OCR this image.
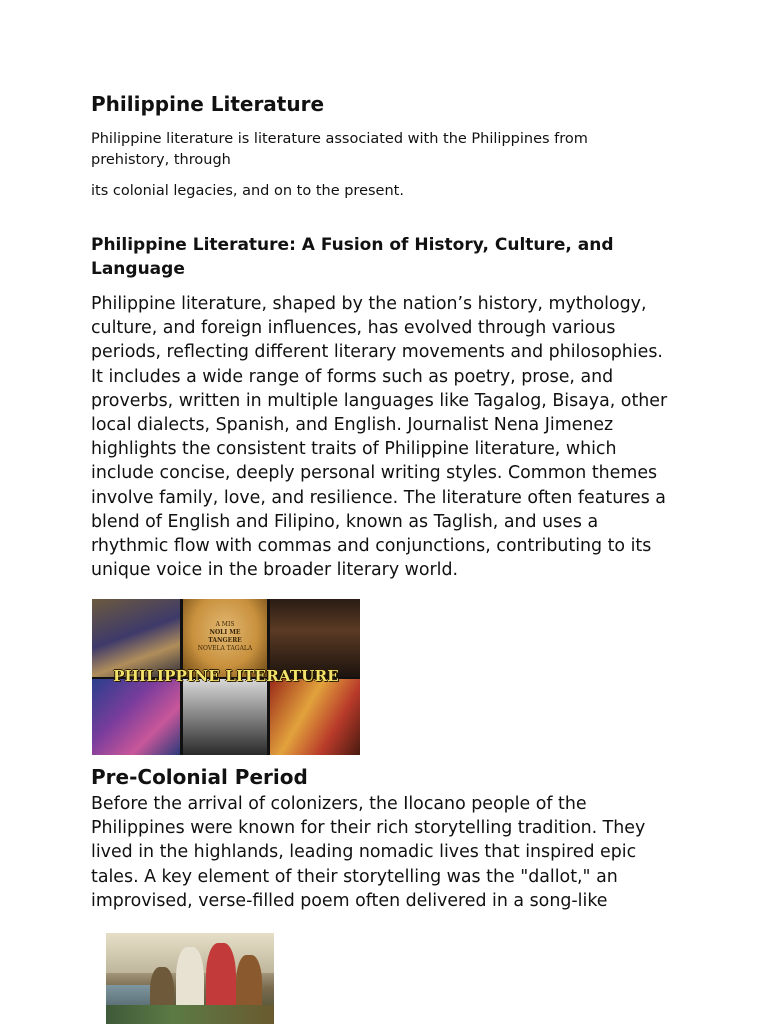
Philippine Literature

Philippine literature is literature associated with the Philippines from
prehistory, through

its colonial legacies, and on to the present.

Philippine Literature: A Fusion of History, Culture, and
Language

Philippine literature, shaped by the nation’s history, mythology,
culture, and foreign influences, has evolved through various
periods, reflecting different literary movements and philosophies.
It includes a wide range of forms such as poetry, prose, and
proverbs, written in multiple languages like Tagalog, Bisaya, other
local dialects, Spanish, and English. Journalist Nena Jimenez
highlights the consistent traits of Philippine literature, which
include concise, deeply personal writing styles. Common themes
involve family, love, and resilience. The literature often features a
blend of English and Filipino, known as Taglish, and uses a
rhythmic flow with commas and conjunctions, contributing to its
unique voice in the broader literary world.

A MIS
NOLI ME TANGERE
NOVELA TAGALA
PHILIPPINE LITERATURE
Pre-Colonial Period

Before the arrival of colonizers, the Ilocano people of the
Philippines were known for their rich storytelling tradition. They
lived in the highlands, leading nomadic lives that inspired epic
tales. A key element of their storytelling was the "dallot," an
improvised, verse-filled poem often delivered in a song-like
